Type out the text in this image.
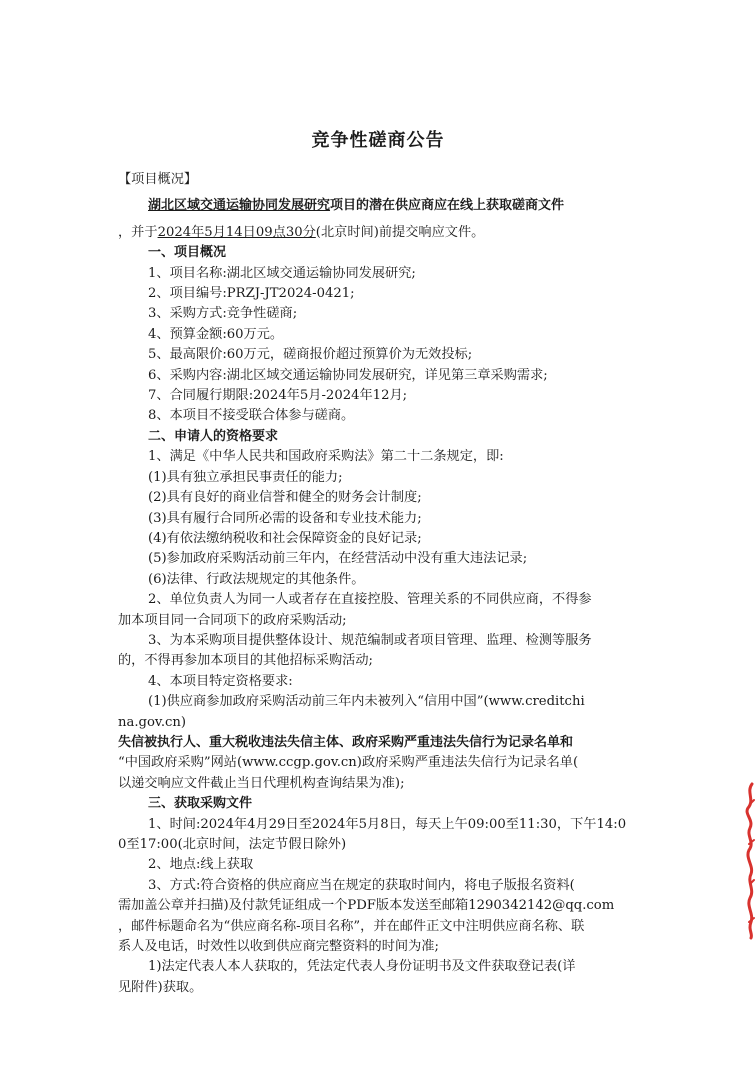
竞争性磋商公告
【项目概况】
湖北区域交通运输协同发展研究项目的潜在供应商应在线上获取磋商文件
，并于2024年5月14日09点30分(北京时间)前提交响应文件。
一、项目概况
1、项目名称:湖北区域交通运输协同发展研究;
2、项目编号:PRZJ-JT2024-0421;
3、采购方式:竞争性磋商;
4、预算金额:60万元。
5、最高限价:60万元，磋商报价超过预算价为无效投标;
6、采购内容:湖北区域交通运输协同发展研究，详见第三章采购需求;
7、合同履行期限:2024年5月-2024年12月;
8、本项目不接受联合体参与磋商。
二、申请人的资格要求
1、满足《中华人民共和国政府采购法》第二十二条规定，即:
(1)具有独立承担民事责任的能力;
(2)具有良好的商业信誉和健全的财务会计制度;
(3)具有履行合同所必需的设备和专业技术能力;
(4)有依法缴纳税收和社会保障资金的良好记录;
(5)参加政府采购活动前三年内，在经营活动中没有重大违法记录;
(6)法律、行政法规规定的其他条件。
2、单位负责人为同一人或者存在直接控股、管理关系的不同供应商，不得参
加本项目同一合同项下的政府采购活动;
3、为本采购项目提供整体设计、规范编制或者项目管理、监理、检测等服务
的，不得再参加本项目的其他招标采购活动;
4、本项目特定资格要求:
(1)供应商参加政府采购活动前三年内未被列入“信用中国”(www.creditchi
na.gov.cn)
失信被执行人、重大税收违法失信主体、政府采购严重违法失信行为记录名单和
“中国政府采购”网站(www.ccgp.gov.cn)政府采购严重违法失信行为记录名单(
以递交响应文件截止当日代理机构查询结果为准);
三、获取采购文件
1、时间:2024年4月29日至2024年5月8日，每天上午09:00至11:30，下午14:0
0至17:00(北京时间，法定节假日除外)
2、地点:线上获取
3、方式:符合资格的供应商应当在规定的获取时间内，将电子版报名资料(
需加盖公章并扫描)及付款凭证组成一个PDF版本发送至邮箱1290342142@qq.com
，邮件标题命名为“供应商名称-项目名称”，并在邮件正文中注明供应商名称、联
系人及电话，时效性以收到供应商完整资料的时间为准;
1)法定代表人本人获取的，凭法定代表人身份证明书及文件获取登记表(详
见附件)获取。
